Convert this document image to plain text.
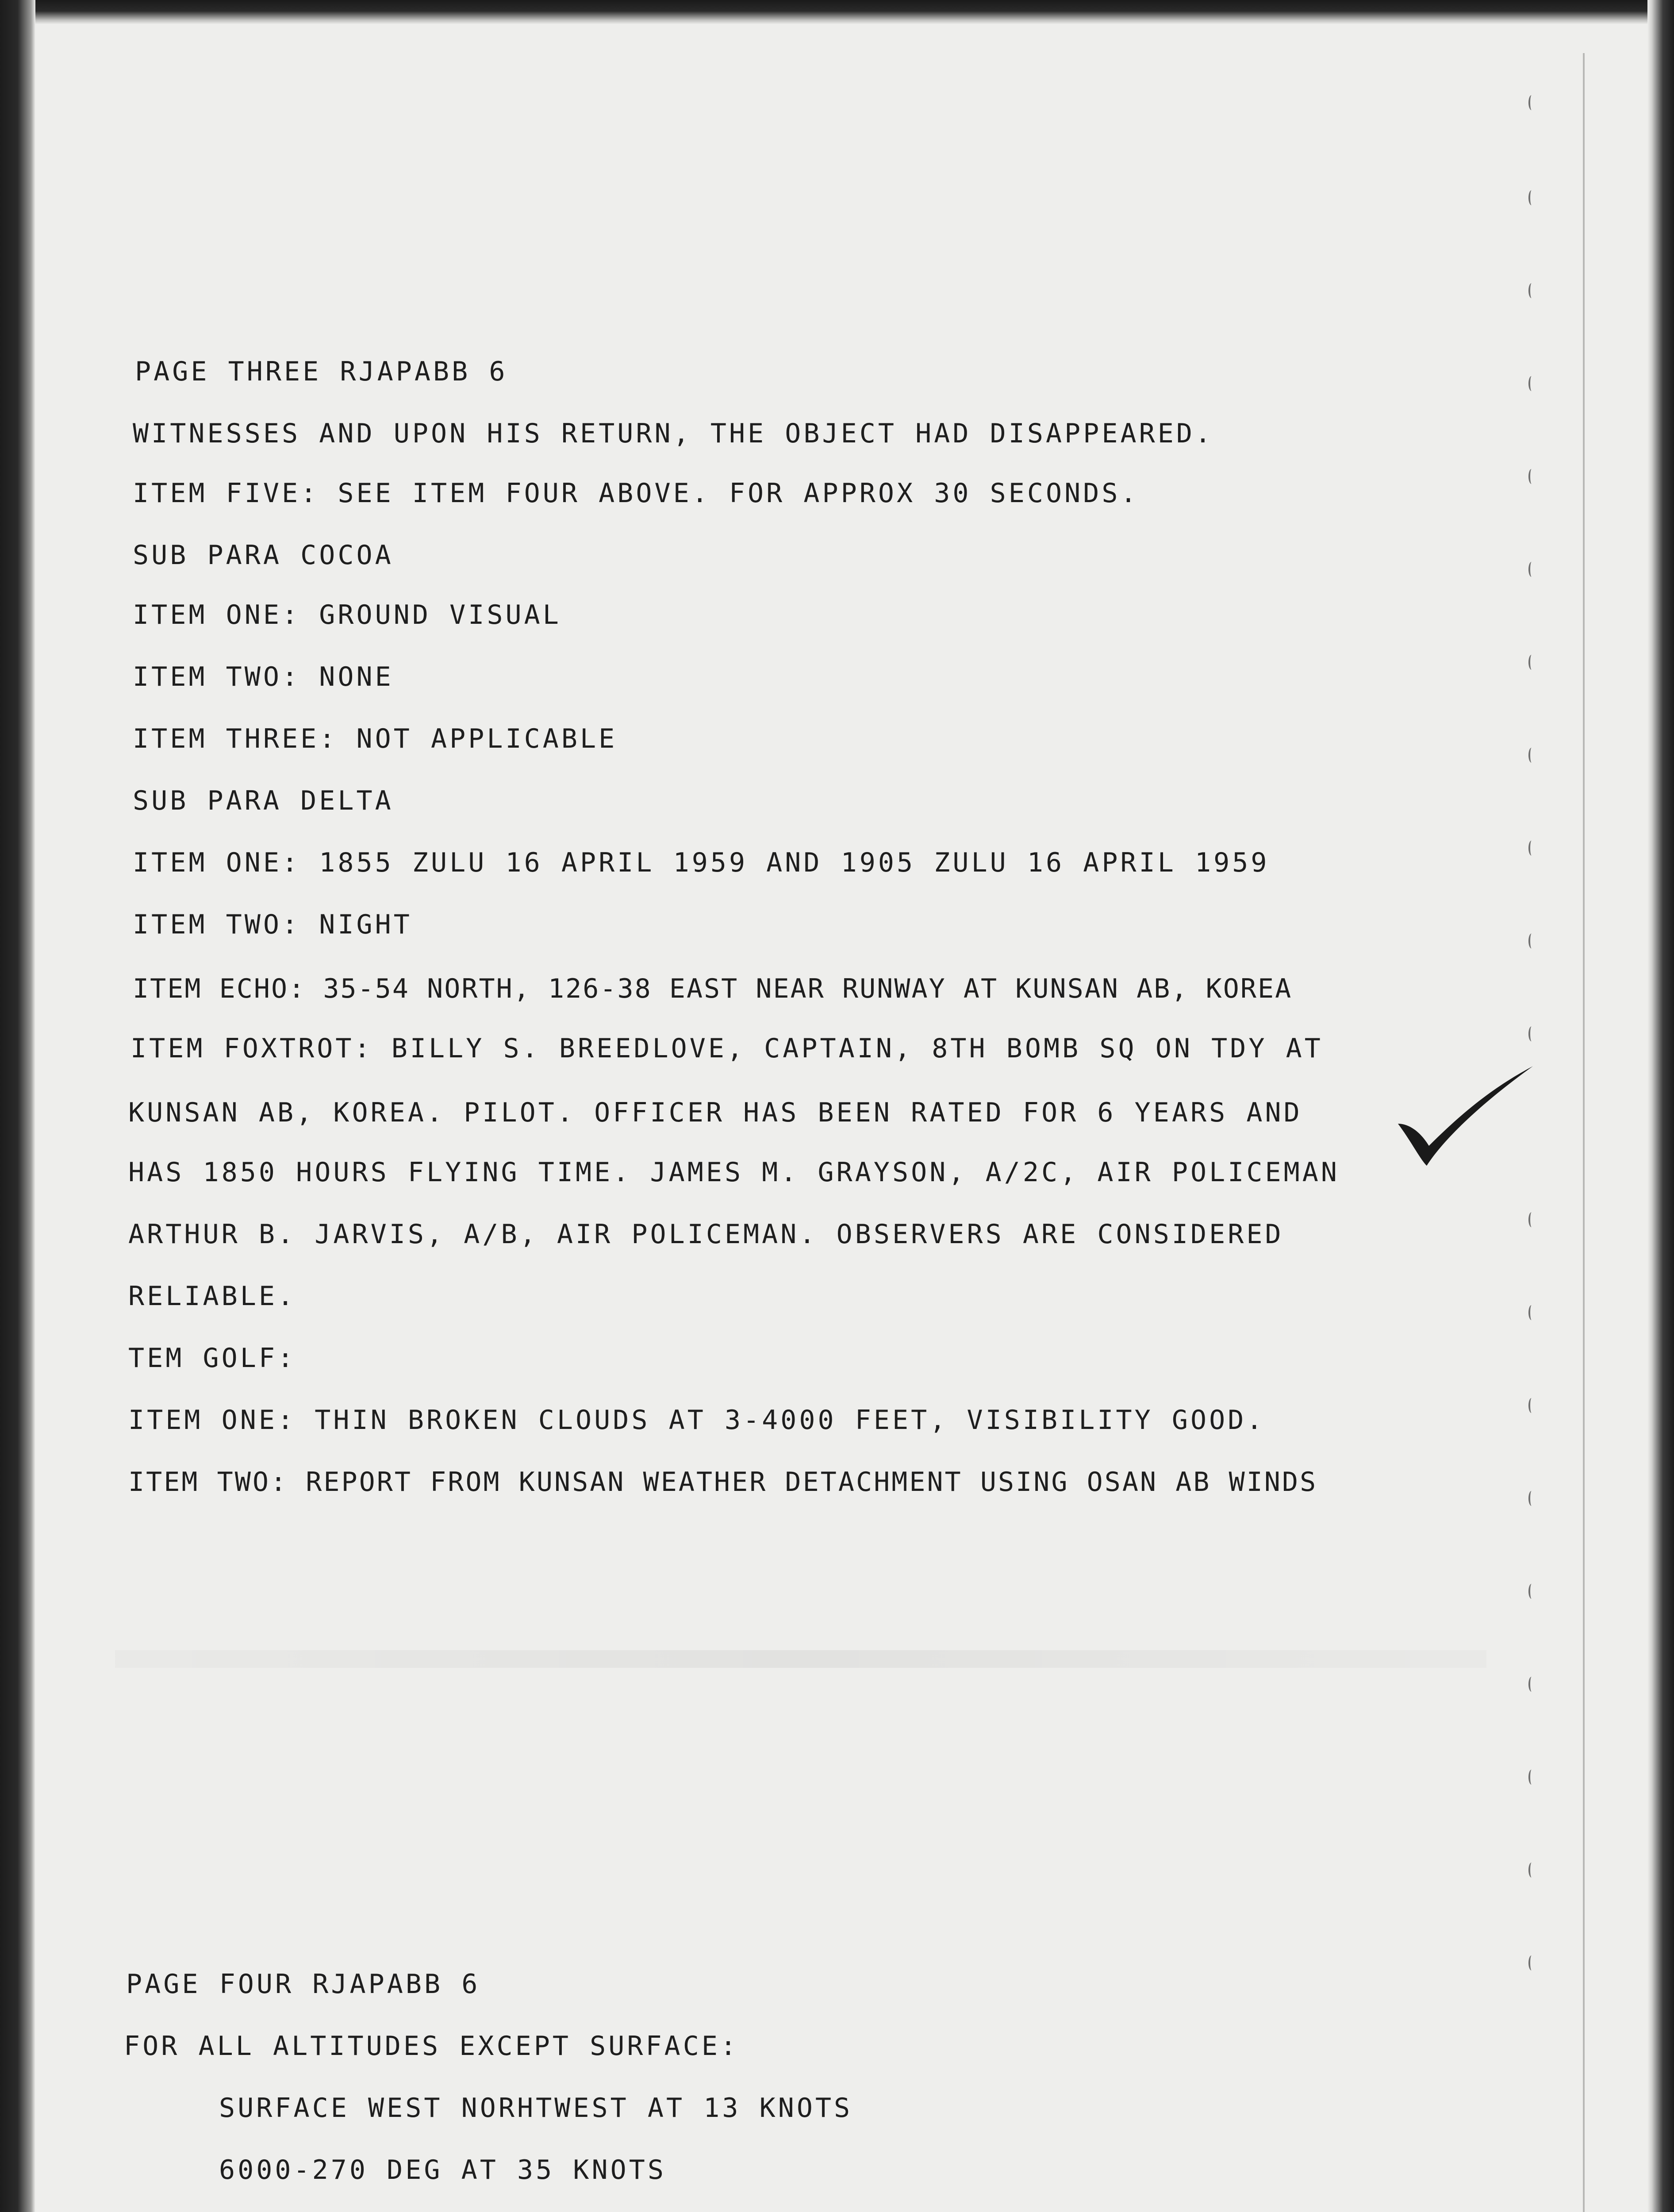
PAGE THREE RJAPABB 6
WITNESSES AND UPON HIS RETURN, THE OBJECT HAD DISAPPEARED.
ITEM FIVE: SEE ITEM FOUR ABOVE. FOR APPROX 30 SECONDS.
SUB PARA COCOA
ITEM ONE: GROUND VISUAL
ITEM TWO: NONE
ITEM THREE: NOT APPLICABLE
SUB PARA DELTA
ITEM ONE: 1855 ZULU 16 APRIL 1959 AND 1905 ZULU 16 APRIL 1959
ITEM TWO: NIGHT
ITEM ECHO: 35-54 NORTH, 126-38 EAST NEAR RUNWAY AT KUNSAN AB, KOREA
ITEM FOXTROT: BILLY S. BREEDLOVE, CAPTAIN, 8TH BOMB SQ ON TDY AT
KUNSAN AB, KOREA. PILOT. OFFICER HAS BEEN RATED FOR 6 YEARS AND
HAS 1850 HOURS FLYING TIME. JAMES M. GRAYSON, A/2C, AIR POLICEMAN
ARTHUR B. JARVIS, A/B, AIR POLICEMAN. OBSERVERS ARE CONSIDERED
RELIABLE.
TEM GOLF:
ITEM ONE: THIN BROKEN CLOUDS AT 3-4000 FEET, VISIBILITY GOOD.
ITEM TWO: REPORT FROM KUNSAN WEATHER DETACHMENT USING OSAN AB WINDS
PAGE FOUR RJAPABB 6
FOR ALL ALTITUDES EXCEPT SURFACE:
SURFACE WEST NORHTWEST AT 13 KNOTS
6000-270 DEG AT 35 KNOTS
